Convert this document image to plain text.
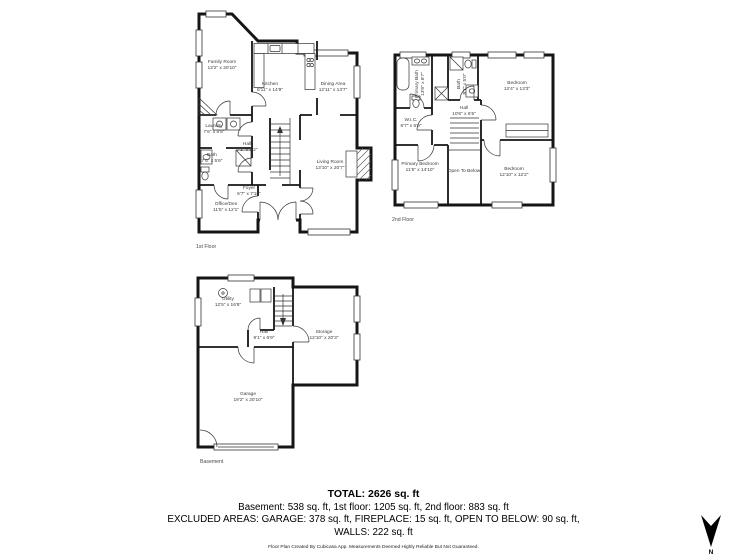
Family Room
13'2" x 20'10"
Kitchen
8'11" x 14'9"
Dining Area
12'11" x 13'7"
Laundry
7'6" x 6'8"
Bath
7'6" x 5'6"
Hall
7'1" x 5'2"
Office/Den
11'5" x 12'1"
Foyer
6'7" x 7'10"
Living Room
13'10" x 20'7"
1st Floor
Primary Bath 13'9" x 8'7"	Bath 8'7" x 5'0"	Bedroom
12'4" x 13'3"
W.I.C.
6'7" x 6'9"
Hall
10'6" x 6'5"
Primary Bedroom
11'5" x 14'10"	Open To Below	Bedroom
12'10" x 12'2"
2nd Floor
Utility
12'5" x 16'8"
Hall
9'1" x 6'9"
Storage
12'10" x 20'3"
Garage
19'2" x 20'10"
Basement
TOTAL: 2626 sq. ft
Basement: 538 sq. ft, 1st floor: 1205 sq. ft, 2nd floor: 883 sq. ft
EXCLUDED AREAS: GARAGE: 378 sq. ft, FIREPLACE: 15 sq. ft, OPEN TO BELOW: 90 sq. ft,
WALLS: 222 sq. ft
Floor Plan Created By Cubicasa App. Measurements Deemed Highly Reliable But Not Guaranteed.
N
